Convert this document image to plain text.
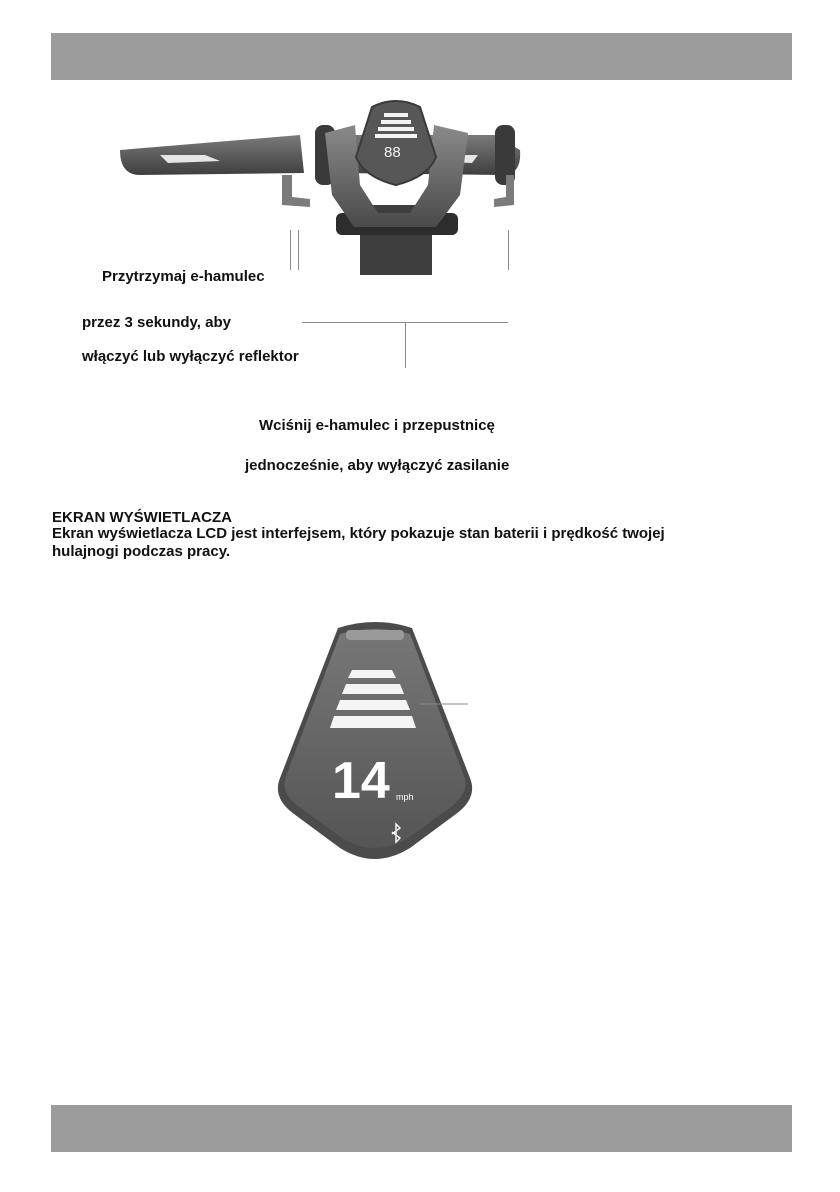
88
Przytrzymaj e-hamulec
przez 3 sekundy, aby
włączyć lub wyłączyć reflektor
Wciśnij e-hamulec i przepustnicę
jednocześnie, aby wyłączyć zasilanie
EKRAN WYŚWIETLACZA
Ekran wyświetlacza LCD jest interfejsem, który pokazuje stan baterii i prędkość twojej hulajnogi podczas pracy.
14 mph
